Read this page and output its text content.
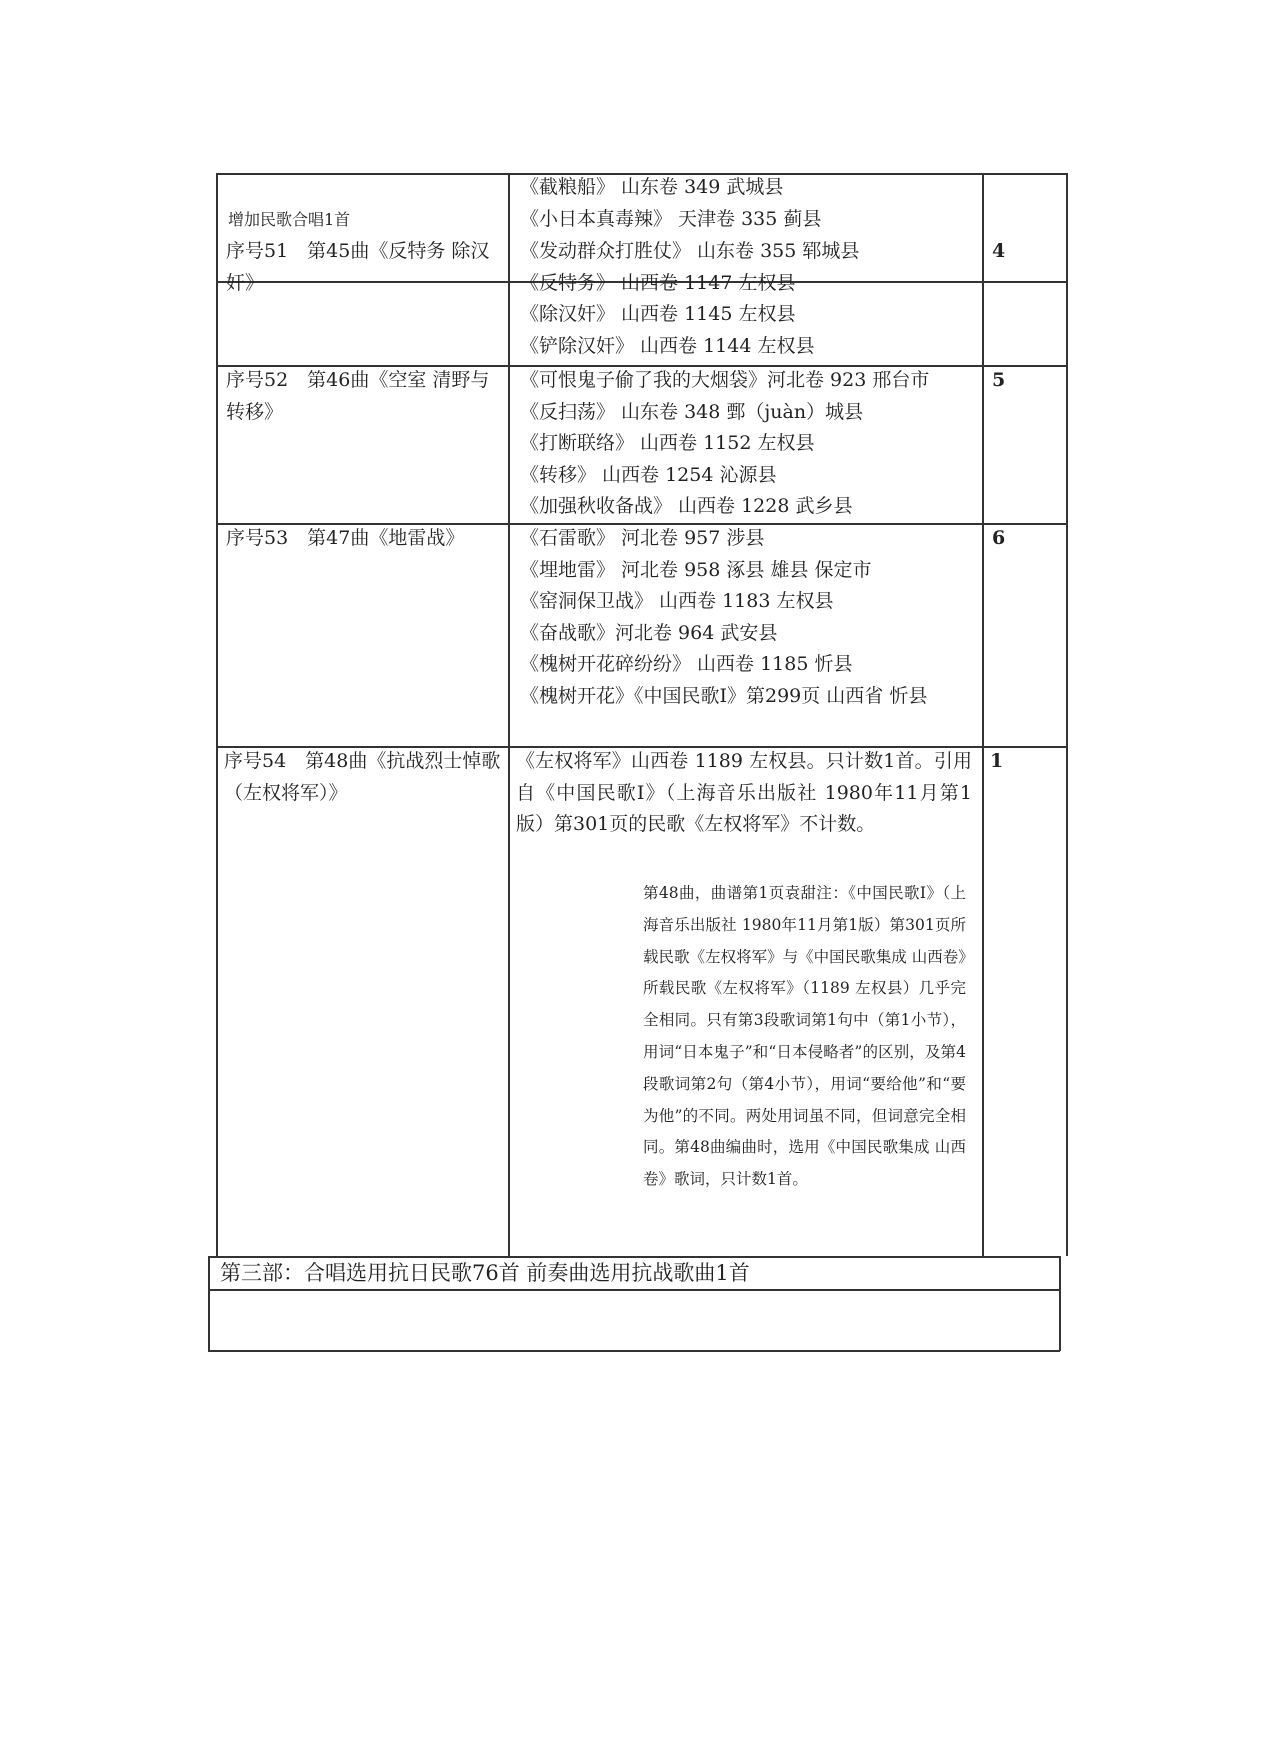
增加民歌合唱1首
《截粮船》 山东卷 349 武城县
《小日本真毒辣》 天津卷 335 蓟县
序号51　第45曲《反特务 除汉奸》
《发动群众打胜仗》 山东卷 355 郓城县
《反特务》 山西卷 1147 左权县
《除汉奸》 山西卷 1145 左权县
《铲除汉奸》 山西卷 1144 左权县
4
序号52　第46曲《空室 清野与转移》
《可恨鬼子偷了我的大烟袋》河北卷 923 邢台市
《反扫荡》 山东卷 348 鄄（juàn）城县
《打断联络》 山西卷 1152 左权县
《转移》 山西卷 1254 沁源县
《加强秋收备战》 山西卷 1228 武乡县
5
序号53　第47曲《地雷战》	《石雷歌》 河北卷 957 涉县
《埋地雷》 河北卷 958 涿县 雄县 保定市
《窑洞保卫战》 山西卷 1183 左权县
《奋战歌》河北卷 964 武安县
《槐树开花碎纷纷》 山西卷 1185 忻县
《槐树开花》《中国民歌Ⅰ》第299页 山西省 忻县
6
序号54　第48曲《抗战烈士悼歌（左权将军）》
《左权将军》山西卷 1189 左权县。只计数1首。引用自《中国民歌Ⅰ》（上海音乐出版社 1980年11月第1版）第301页的民歌《左权将军》不计数。
1
第48曲，曲谱第1页袁甜注：《中国民歌Ⅰ》（上海音乐出版社 1980年11月第1版）第301页所载民歌《左权将军》与《中国民歌集成 山西卷》所载民歌《左权将军》（1189 左权县）几乎完全相同。只有第3段歌词第1句中（第1小节），用词“日本鬼子”和“日本侵略者”的区别，及第4段歌词第2句（第4小节），用词“要给他”和“要为他”的不同。两处用词虽不同，但词意完全相同。第48曲编曲时，选用《中国民歌集成 山西卷》歌词，只计数1首。
第三部：合唱选用抗日民歌76首 前奏曲选用抗战歌曲1首
